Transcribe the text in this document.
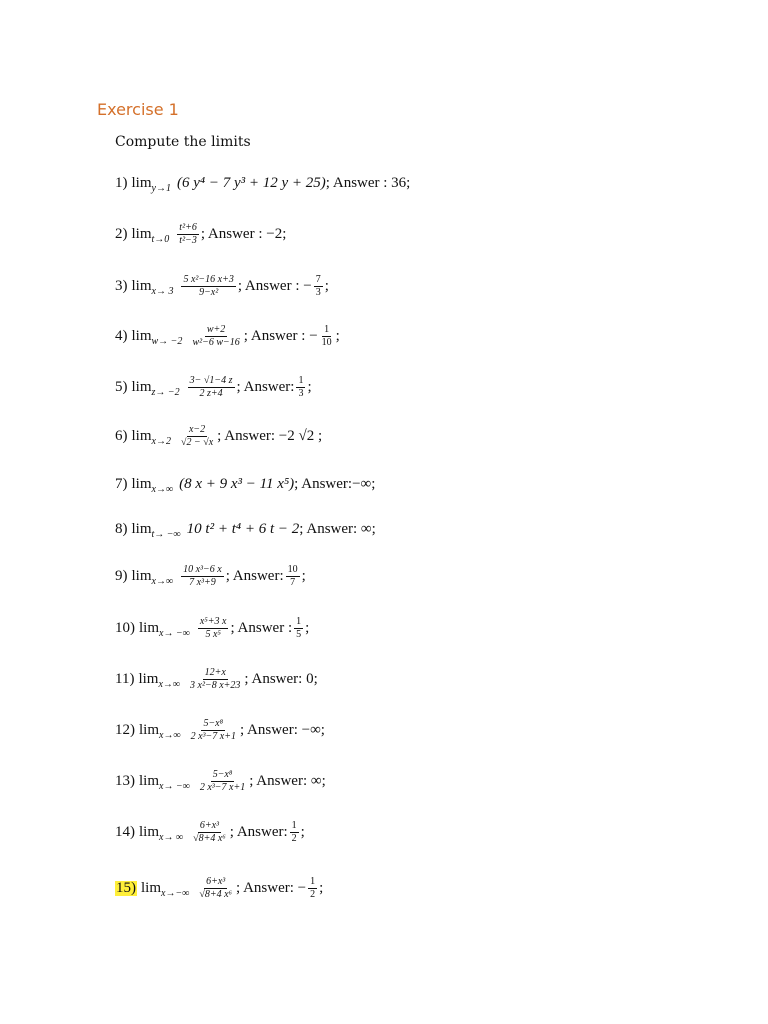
Exercise 1
Compute the limits
1) lim y→1 (6 y⁴ − 7 y³ + 12 y + 25) ; Answer : 36;
2) $\lim t\to 0 \frac{\text{t²+6}}{\text{t²−3}}$ ; Answer : −2;
3) $\lim x\to 3 \frac{\text{5 x²−16 x+3}}{\text{9−x²}}$ ; Answer : − $\frac{7}{3}$ ;
4) $\lim w\to -2 \frac{w+2}{\text{w²−6 w−16}}$ ; Answer : − $\frac{1}{10}$ ;
5) $\lim z\to -2 \frac{3- √1-4 z}{2 z+4}$ ; Answer: $\frac{1}{3}$ ;
6) $\lim x\to 2 \frac{x-2}{√2 - √x}$ ; Answer: −2 √2 ;
7) lim x→∞ (8 x + 9 x³ − 11 x⁵) ; Answer:−∞;
8) lim t→ −∞ 10 t² + t⁴ + 6 t − 2 ; Answer: ∞;
9) $\lim x\to\infty \frac{\text{10 x³−6 x}}{\text{7 x³+9}}$ ; Answer: $\frac{10}{7}$ ;
10) lim x→ −∞ $\frac{\text{x⁵+3 x}}{\text{5 x⁵}}$ ; Answer : $\frac{1}{5}$ ;
11) $\lim x\to\infty \frac{12+x}{\text{3 x²−8 x+23}}$ ; Answer: 0;
12) $\lim x\to\infty \frac{\text{5−x⁸}}{\text{2 x³−7 x+1}}$ ; Answer: −∞;
13) lim x→ −∞ $\frac{\text{5−x⁸}}{\text{2 x³−7 x+1}}$ ; Answer: ∞;
14) lim x→ ∞ $\frac{\text{6+x³}}{\text{√8+4 x⁶}}$ ; Answer: $\frac{1}{2}$ ;
15) $\lim x\to-\infty \frac{\text{6+x³}}{\text{√8+4 x⁶}}$ ; Answer: − $\frac{1}{2}$ ;
